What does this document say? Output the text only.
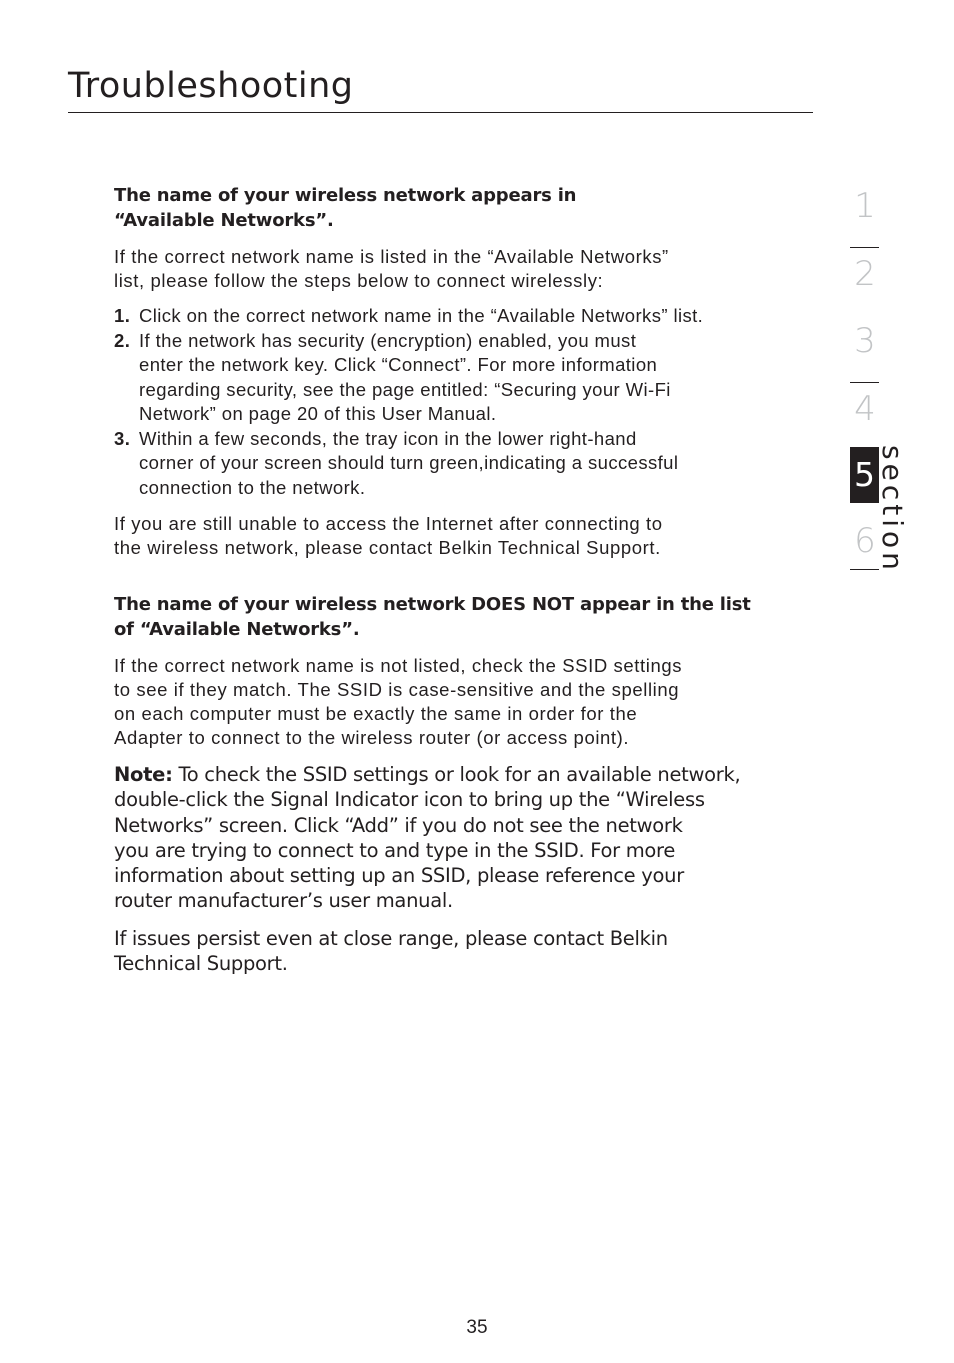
Troubleshooting
The name of your wireless network appears in
“Available Networks”.

If the correct network name is listed in the “Available Networks”
list, please follow the steps below to connect wirelessly:

1. Click on the correct network name in the “Available Networks” list.
2. If the network has security (encryption) enabled, you must
enter the network key. Click “Connect”. For more information
regarding security, see the page entitled: “Securing your Wi-Fi
Network” on page 20 of this User Manual.
3. Within a few seconds, the tray icon in the lower right-hand
corner of your screen should turn green,indicating a successful
connection to the network.

If you are still unable to access the Internet after connecting to
the wireless network, please contact Belkin Technical Support.

The name of your wireless network DOES NOT appear in the list
of “Available Networks”.

If the correct network name is not listed, check the SSID settings
to see if they match. The SSID is case-sensitive and the spelling
on each computer must be exactly the same in order for the
Adapter to connect to the wireless router (or access point).

Note: To check the SSID settings or look for an available network,
double-click the Signal Indicator icon to bring up the “Wireless
Networks” screen. Click “Add” if you do not see the network
you are trying to connect to and type in the SSID. For more
information about setting up an SSID, please reference your
router manufacturer’s user manual.

If issues persist even at close range, please contact Belkin
Technical Support.

1
2
3
4
5
6 section
35
